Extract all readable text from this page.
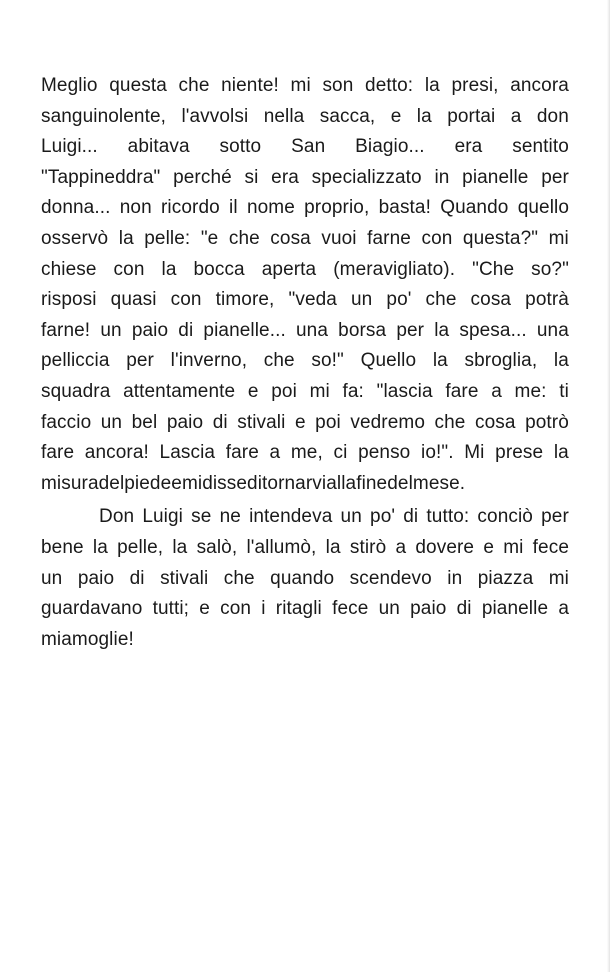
Meglio questa che niente! mi son detto: la presi, ancora
sanguinolente, l'avvolsi nella sacca, e la portai a don
Luigi... abitava sotto San Biagio... era sentito
"Tappineddra" perché si era specializzato in pianelle per
donna... non ricordo il nome proprio, basta! Quando quello
osservò la pelle: "e che cosa vuoi farne con questa?" mi
chiese con la bocca aperta (meravigliato). "Che so?"
risposi quasi con timore, "veda un po' che cosa potrà
farne! un paio di pianelle... una borsa per la spesa... una
pelliccia per l'inverno, che so!" Quello la sbroglia, la
squadra attentamente e poi mi fa: "lascia fare a me: ti
faccio un bel paio di stivali e poi vedremo che cosa potrò
fare ancora! Lascia fare a me, ci penso io!". Mi prese la
misura del piede e mi disse di tornarvi alla fine del mese.
Don Luigi se ne intendeva un po' di tutto: conciò per
bene la pelle, la salò, l'allumò, la stirò a dovere e mi fece
un paio di stivali che quando scendevo in piazza mi
guardavano tutti; e con i ritagli fece un paio di pianelle a
mia moglie!
